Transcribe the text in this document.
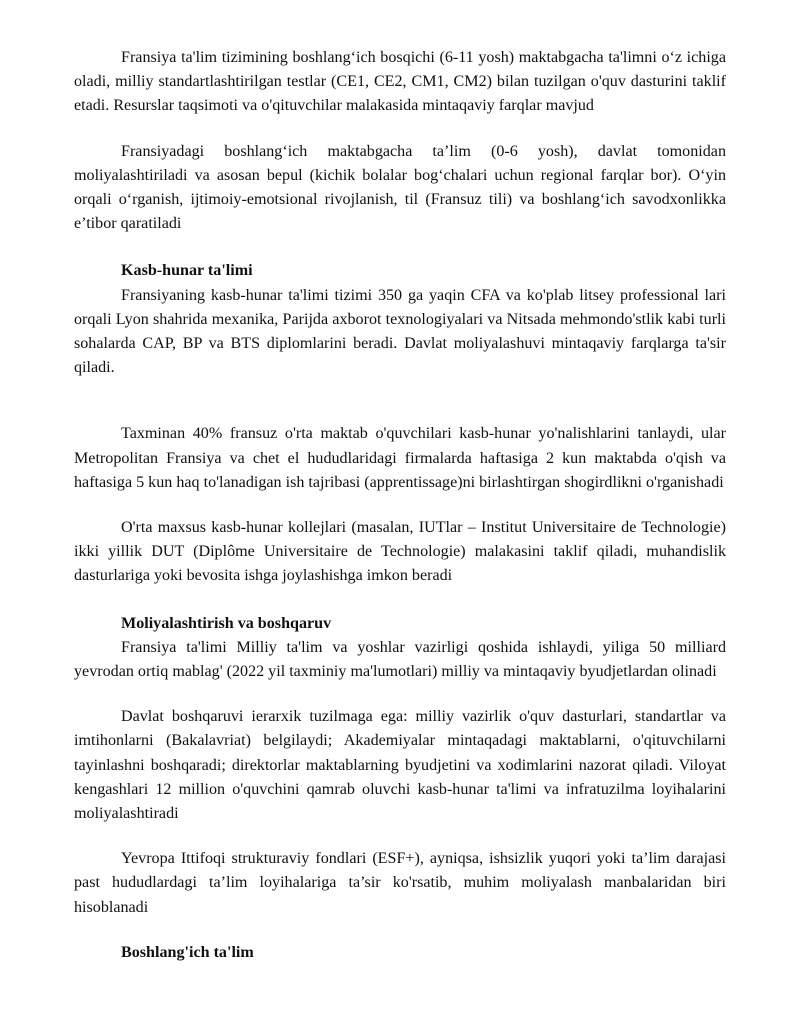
Fransiya ta'lim tizimining boshlang‘ich bosqichi (6-11 yosh) maktabgacha ta'limni o‘z ichiga oladi, milliy standartlashtirilgan testlar (CE1, CE2, CM1, CM2) bilan tuzilgan o'quv dasturini taklif etadi. Resurslar taqsimoti va o'qituvchilar malakasida mintaqaviy farqlar mavjud

Fransiyadagi boshlang‘ich maktabgacha ta’lim (0-6 yosh), davlat tomonidan moliyalashtiriladi va asosan bepul (kichik bolalar bog‘chalari uchun regional farqlar bor). O‘yin orqali o‘rganish, ijtimoiy-emotsional rivojlanish, til (Fransuz tili) va boshlang‘ich savodxonlikka e’tibor qaratiladi

Kasb-hunar ta'limi

Fransiyaning kasb-hunar ta'limi tizimi 350 ga yaqin CFA va ko'plab litsey professional lari orqali Lyon shahrida mexanika, Parijda axborot texnologiyalari va Nitsada mehmondo'stlik kabi turli sohalarda CAP, BP va BTS diplomlarini beradi. Davlat moliyalashuvi mintaqaviy farqlarga ta'sir qiladi.

Taxminan 40% fransuz o'rta maktab o'quvchilari kasb-hunar yo'nalishlarini tanlaydi, ular Metropolitan Fransiya va chet el hududlaridagi firmalarda haftasiga 2 kun maktabda o'qish va haftasiga 5 kun haq to'lanadigan ish tajribasi (apprentissage)ni birlashtirgan shogirdlikni o'rganishadi

O'rta maxsus kasb-hunar kollejlari (masalan, IUTlar – Institut Universitaire de Technologie) ikki yillik DUT (Diplôme Universitaire de Technologie) malakasini taklif qiladi, muhandislik dasturlariga yoki bevosita ishga joylashishga imkon beradi

Moliyalashtirish va boshqaruv

Fransiya ta'limi Milliy ta'lim va yoshlar vazirligi qoshida ishlaydi, yiliga 50 milliard yevrodan ortiq mablag' (2022 yil taxminiy ma'lumotlari) milliy va mintaqaviy byudjetlardan olinadi

Davlat boshqaruvi ierarxik tuzilmaga ega: milliy vazirlik o'quv dasturlari, standartlar va imtihonlarni (Bakalavriat) belgilaydi; Akademiyalar mintaqadagi maktablarni, o'qituvchilarni tayinlashni boshqaradi; direktorlar maktablarning byudjetini va xodimlarini nazorat qiladi. Viloyat kengashlari 12 million o'quvchini qamrab oluvchi kasb-hunar ta'limi va infratuzilma loyihalarini moliyalashtiradi

Yevropa Ittifoqi strukturaviy fondlari (ESF+), ayniqsa, ishsizlik yuqori yoki ta’lim darajasi past hududlardagi ta’lim loyihalariga ta’sir ko'rsatib, muhim moliyalash manbalaridan biri hisoblanadi

Boshlang'ich ta'lim
